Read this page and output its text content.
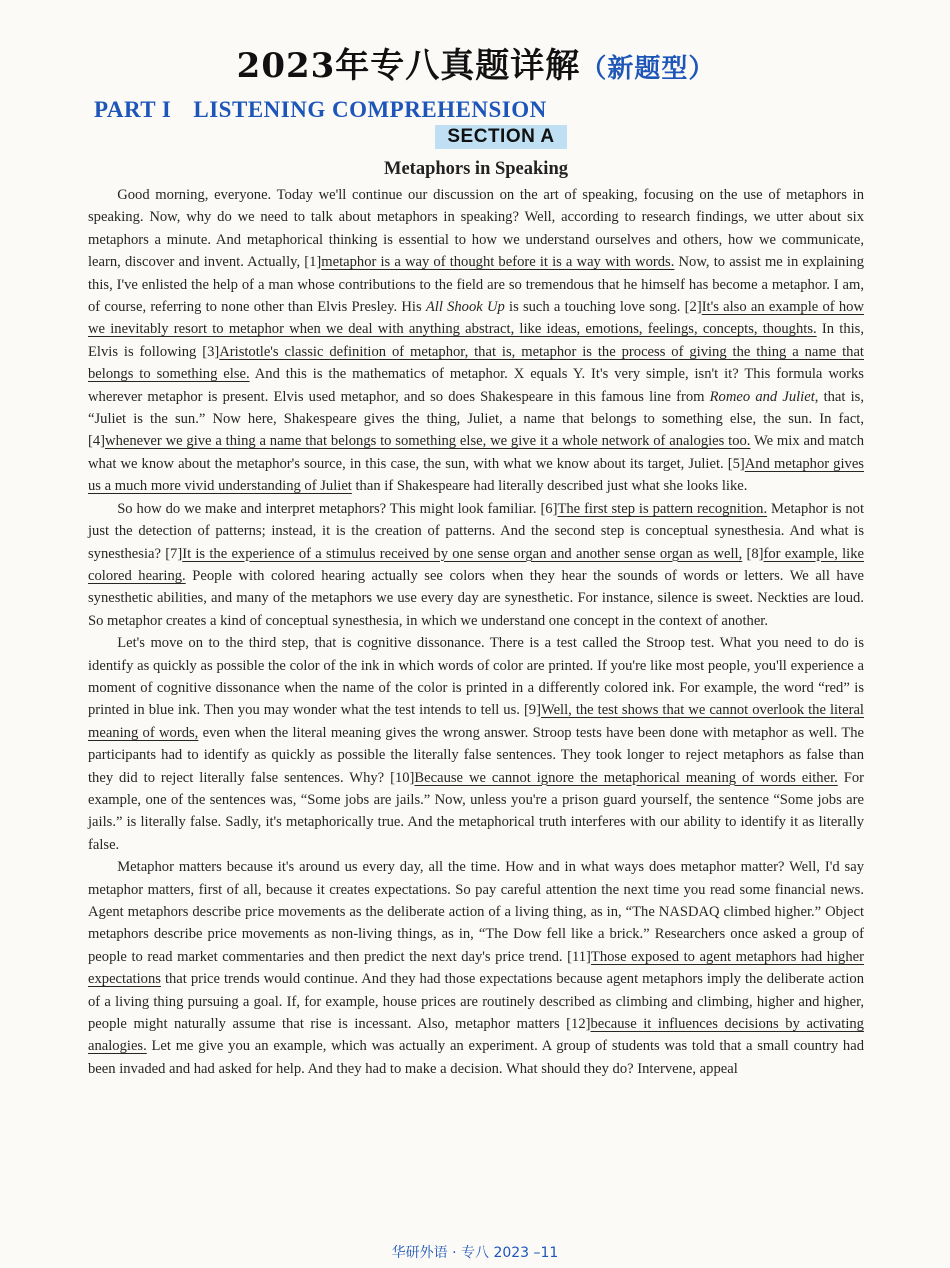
2023年专八真题详解（新题型）
PART I LISTENING COMPREHENSION
SECTION A
Metaphors in Speaking

Good morning, everyone. Today we'll continue our discussion on the art of speaking, focusing on the use of metaphors in speaking. Now, why do we need to talk about metaphors in speaking? Well, according to research findings, we utter about six metaphors a minute. And metaphorical thinking is essential to how we understand ourselves and others, how we communicate, learn, discover and invent. Actually, [1]metaphor is a way of thought before it is a way with words. Now, to assist me in explaining this, I've enlisted the help of a man whose contributions to the field are so tremendous that he himself has become a metaphor. I am, of course, referring to none other than Elvis Presley. His All Shook Up is such a touching love song. [2]It's also an example of how we inevitably resort to metaphor when we deal with anything abstract, like ideas, emotions, feelings, concepts, thoughts. In this, Elvis is following [3]Aristotle's classic definition of metaphor, that is, metaphor is the process of giving the thing a name that belongs to something else. And this is the mathematics of metaphor. X equals Y. It's very simple, isn't it? This formula works wherever metaphor is present. Elvis used metaphor, and so does Shakespeare in this famous line from Romeo and Juliet, that is, “Juliet is the sun.” Now here, Shakespeare gives the thing, Juliet, a name that belongs to something else, the sun. In fact, [4]whenever we give a thing a name that belongs to something else, we give it a whole network of analogies too. We mix and match what we know about the metaphor's source, in this case, the sun, with what we know about its target, Juliet. [5]And metaphor gives us a much more vivid understanding of Juliet than if Shakespeare had literally described just what she looks like.

So how do we make and interpret metaphors? This might look familiar. [6]The first step is pattern recognition. Metaphor is not just the detection of patterns; instead, it is the creation of patterns. And the second step is conceptual synesthesia. And what is synesthesia? [7]It is the experience of a stimulus received by one sense organ and another sense organ as well, [8]for example, like colored hearing. People with colored hearing actually see colors when they hear the sounds of words or letters. We all have synesthetic abilities, and many of the metaphors we use every day are synesthetic. For instance, silence is sweet. Neckties are loud. So metaphor creates a kind of conceptual synesthesia, in which we understand one concept in the context of another.

Let's move on to the third step, that is cognitive dissonance. There is a test called the Stroop test. What you need to do is identify as quickly as possible the color of the ink in which words of color are printed. If you're like most people, you'll experience a moment of cognitive dissonance when the name of the color is printed in a differently colored ink. For example, the word “red” is printed in blue ink. Then you may wonder what the test intends to tell us. [9]Well, the test shows that we cannot overlook the literal meaning of words, even when the literal meaning gives the wrong answer. Stroop tests have been done with metaphor as well. The participants had to identify as quickly as possible the literally false sentences. They took longer to reject metaphors as false than they did to reject literally false sentences. Why? [10]Because we cannot ignore the metaphorical meaning of words either. For example, one of the sentences was, “Some jobs are jails.” Now, unless you're a prison guard yourself, the sentence “Some jobs are jails.” is literally false. Sadly, it's metaphorically true. And the metaphorical truth interferes with our ability to identify it as literally false.

Metaphor matters because it's around us every day, all the time. How and in what ways does metaphor matter? Well, I'd say metaphor matters, first of all, because it creates expectations. So pay careful attention the next time you read some financial news. Agent metaphors describe price movements as the deliberate action of a living thing, as in, “The NASDAQ climbed higher.” Object metaphors describe price movements as non-living things, as in, “The Dow fell like a brick.” Researchers once asked a group of people to read market commentaries and then predict the next day's price trend. [11]Those exposed to agent metaphors had higher expectations that price trends would continue. And they had those expectations because agent metaphors imply the deliberate action of a living thing pursuing a goal. If, for example, house prices are routinely described as climbing and climbing, higher and higher, people might naturally assume that rise is incessant. Also, metaphor matters [12]because it influences decisions by activating analogies. Let me give you an example, which was actually an experiment. A group of students was told that a small country had been invaded and had asked for help. And they had to make a decision. What should they do? Intervene, appeal

华研外语 · 专八 2023 –11
